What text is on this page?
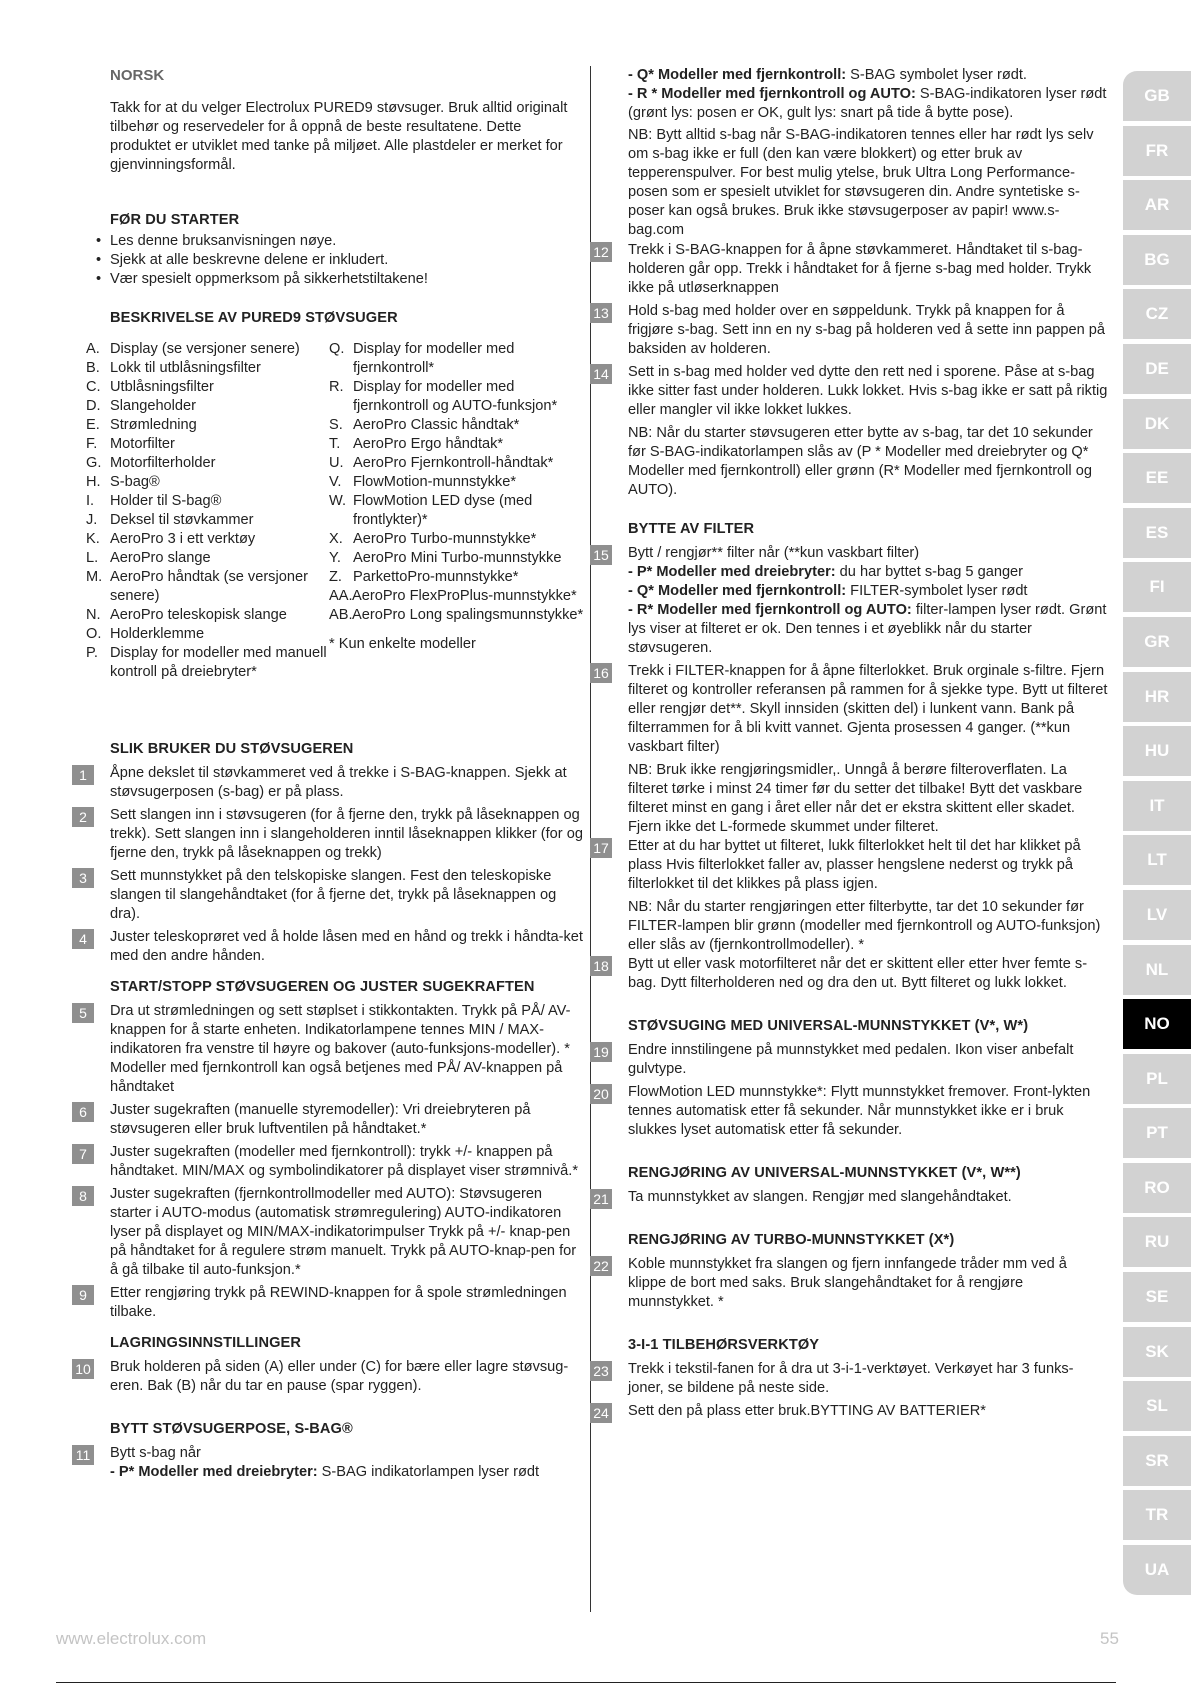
NORSK
Takk for at du velger Electrolux PURED9 støvsuger. Bruk alltid originalt tilbehør og reservedeler for å oppnå de beste resultatene. Dette produktet er utviklet med tanke på miljøet. Alle plastdeler er merket for gjenvinningsformål.
FØR DU STARTER
• Les denne bruksanvisningen nøye.
• Sjekk at alle beskrevne delene er inkludert.
• Vær spesielt oppmerksom på sikkerhetstiltakene!
BESKRIVELSE AV PURED9 STØVSUGER
A. Display (se versjoner senere)
B. Lokk til utblåsningsfilter
C. Utblåsningsfilter
D. Slangeholder
E. Strømledning
F. Motorfilter
G. Motorfilterholder
H. S-bag®
I.	Holder til S-bag®
J. Deksel til støvkammer
K. AeroPro 3 i ett verktøy
L. AeroPro slange
M. AeroPro håndtak (se versjoner senere)
N. AeroPro teleskopisk slange
O. Holderklemme
P. Display for modeller med manuell kontroll på dreiebryter*
Q. Display for modeller med fjernkontroll*
R. Display for modeller med fjernkontroll og AUTO-funksjon*
S. AeroPro Classic håndtak*
T. AeroPro Ergo håndtak*
U. AeroPro Fjernkontroll-håndtak*
V. FlowMotion-munnstykke*
W. FlowMotion LED dyse (med frontlykter)*
X. AeroPro Turbo-munnstykke*
Y. AeroPro Mini Turbo-munnstykke
Z. ParkettoPro-munnstykke*
AA. AeroPro FlexProPlus-munnstykke*
AB. AeroPro Long spalingsmunnstykke*
* Kun enkelte modeller
SLIK BRUKER DU STØVSUGEREN
1	Åpne dekslet til støvkammeret ved å trekke i S-BAG-knappen. Sjekk at støvsugerposen (s-bag) er på plass.
2	Sett slangen inn i støvsugeren (for å fjerne den, trykk på låseknappen og trekk). Sett slangen inn i slangeholderen inntil låseknappen klikker (for og fjerne den, trykk på låseknappen og trekk)
3	Sett munnstykket på den telskopiske slangen. Fest den teleskopiske slangen til slangehåndtaket (for å fjerne det, trykk på låseknappen og dra).
4	Juster teleskoprøret ved å holde låsen med en hånd og trekk i håndta-ket med den andre hånden.
START/STOPP STØVSUGEREN OG JUSTER SUGEKRAFTEN
5	Dra ut strømledningen og sett støplset i stikkontakten. Trykk på PÅ/ AV-knappen for å starte enheten. Indikatorlampene tennes MIN / MAX-indikatoren fra venstre til høyre og bakover (auto-funksjons-modeller). * Modeller med fjernkontroll kan også betjenes med PÅ/ AV-knappen på håndtaket
6	Juster sugekraften (manuelle styremodeller): Vri dreiebryteren på støvsugeren eller bruk luftventilen på håndtaket.*
7	Juster sugekraften (modeller med fjernkontroll): trykk +/- knappen på håndtaket. MIN/MAX og symbolindikatorer på displayet viser strømnivå.*
8	Juster sugekraften (fjernkontrollmodeller med AUTO): Støvsugeren starter i AUTO-modus (automatisk strømregulering) AUTO-indikatoren lyser på displayet og MIN/MAX-indikatorimpulser Trykk på +/- knap-pen på håndtaket for å regulere strøm manuelt. Trykk på AUTO-knap-pen for å gå tilbake til auto-funksjon.*
9	Etter rengjøring trykk på REWIND-knappen for å spole strømledningen tilbake.
LAGRINGSINNSTILLINGER
10 Bruk holderen på siden (A) eller under (C) for bære eller lagre støvsug-eren. Bak (B) når du tar en pause (spar ryggen).
BYTT STØVSUGERPOSE, S-BAG®
11 Bytt s-bag når
- P* Modeller med dreiebryter: S-BAG indikatorlampen lyser rødt
- Q* Modeller med fjernkontroll: S-BAG symbolet lyser rødt.
- R * Modeller med fjernkontroll og AUTO: S-BAG-indikatoren lyser rødt (grønt lys: posen er OK, gult lys: snart på tide å bytte pose).
NB: Bytt alltid s-bag når S-BAG-indikatoren tennes eller har rødt lys selv om s-bag ikke er full (den kan være blokkert) og etter bruk av tepperenspulver. For best mulig ytelse, bruk Ultra Long Performance-posen som er spesielt utviklet for støvsugeren din. Andre syntetiske s-poser kan også brukes. Bruk ikke støvsugerposer av papir! www.s-bag.com
12 Trekk i S-BAG-knappen for å åpne støvkammeret. Håndtaket til s-bag-holderen går opp. Trekk i håndtaket for å fjerne s-bag med holder. Trykk ikke på utløserknappen
13 Hold s-bag med holder over en søppeldunk. Trykk på knappen for å frigjøre s-bag. Sett inn en ny s-bag på holderen ved å sette inn pappen på baksiden av holderen.
14 Sett in s-bag med holder ved dytte den rett ned i sporene. Påse at s-bag ikke sitter fast under holderen. Lukk lokket. Hvis s-bag ikke er satt på riktig eller mangler vil ikke lokket lukkes.
NB: Når du starter støvsugeren etter bytte av s-bag, tar det 10 sekunder før S-BAG-indikatorlampen slås av (P * Modeller med dreiebryter og Q* Modeller med fjernkontroll) eller grønn (R* Modeller med fjernkontroll og AUTO).
BYTTE AV FILTER
15 Bytt / rengjør** filter når (**kun vaskbart filter)
- P* Modeller med dreiebryter: du har byttet s-bag 5 ganger
- Q* Modeller med fjernkontroll: FILTER-symbolet lyser rødt
- R* Modeller med fjernkontroll og AUTO: filter-lampen lyser rødt. Grønt lys viser at filteret er ok. Den tennes i et øyeblikk når du starter støvsugeren.
16 Trekk i FILTER-knappen for å åpne filterlokket. Bruk orginale s-filtre. Fjern filteret og kontroller referansen på rammen for å sjekke type. Bytt ut filteret eller rengjør det**. Skyll innsiden (skitten del) i lunkent vann. Bank på filterrammen for å bli kvitt vannet. Gjenta prosessen 4 ganger. (**kun vaskbart filter)
NB: Bruk ikke rengjøringsmidler,. Unngå å berøre filteroverflaten. La filteret tørke i minst 24 timer før du setter det tilbake! Bytt det vaskbare filteret minst en gang i året eller når det er ekstra skittent eller skadet. Fjern ikke det L-formede skummet under filteret.
17 Etter at du har byttet ut filteret, lukk filterlokket helt til det har klikket på plass Hvis filterlokket faller av, plasser hengslene nederst og trykk på filterlokket til det klikkes på plass igjen.
NB: Når du starter rengjøringen etter filterbytte, tar det 10 sekunder før FILTER-lampen blir grønn (modeller med fjernkontroll og AUTO-funksjon) eller slås av (fjernkontrollmodeller). *
18 Bytt ut eller vask motorfilteret når det er skittent eller etter hver femte s-bag. Dytt filterholderen ned og dra den ut. Bytt filteret og lukk lokket.
STØVSUGING MED UNIVERSAL-MUNNSTYKKET (V*, W*)
19 Endre innstilingene på munnstykket med pedalen. Ikon viser anbefalt gulvtype.
20 FlowMotion LED munnstykke*: Flytt munnstykket fremover. Front-lykten tennes automatisk etter få sekunder. Når munnstykket ikke er i bruk slukkes lyset automatisk etter få sekunder.
RENGJØRING AV UNIVERSAL-MUNNSTYKKET (V*, W**)
21 Ta munnstykket av slangen. Rengjør med slangehåndtaket.
RENGJØRING AV TURBO-MUNNSTYKKET (X*)
22 Koble munnstykket fra slangen og fjern innfangede tråder mm ved å klippe de bort med saks. Bruk slangehåndtaket for å rengjøre munnstykket. *
3-I-1 TILBEHØRSVERKTØY
23 Trekk i tekstil-fanen for å dra ut 3-i-1-verktøyet. Verkøyet har 3 funks-joner, se bildene på neste side.
24 Sett den på plass etter bruk.BYTTING AV BATTERIER*
GB
FR
AR
BG
CZ
DE
DK
EE
ES
FI
GR
HR
HU
IT
LT
LV
NL
NO
PL
PT
RO
RU
SE
SK
SL
SR
TR
UA
www.electrolux.com	55
